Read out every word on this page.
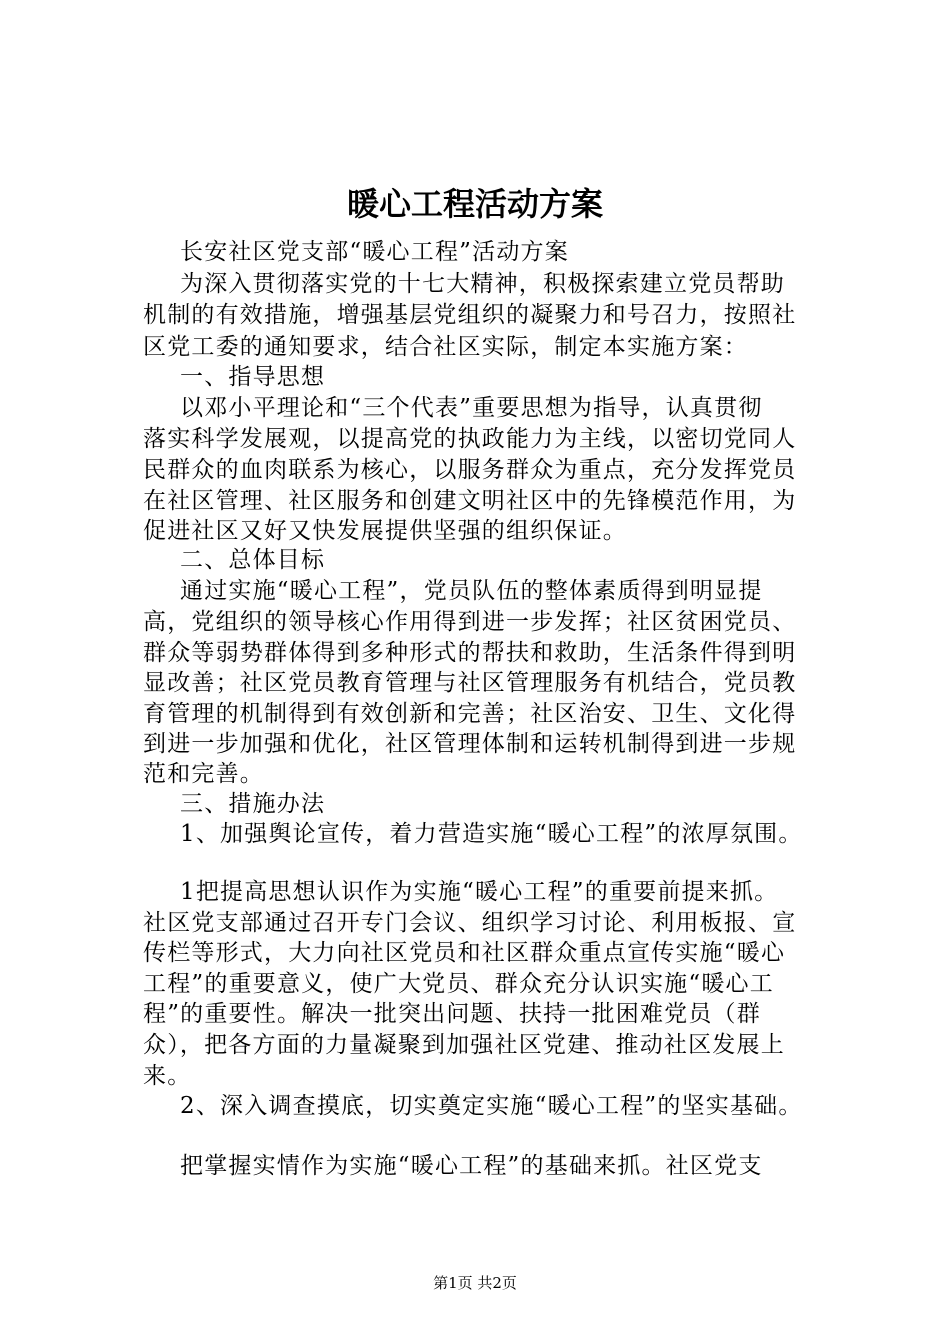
暖心工程活动方案

长安社区党支部“暖心工程”活动方案

为深入贯彻落实党的十七大精神，积极探索建立党员帮助

机制的有效措施，增强基层党组织的凝聚力和号召力，按照社

区党工委的通知要求，结合社区实际，制定本实施方案：

一、指导思想

以邓小平理论和“三个代表”重要思想为指导，认真贯彻

落实科学发展观，以提高党的执政能力为主线，以密切党同人

民群众的血肉联系为核心，以服务群众为重点，充分发挥党员

在社区管理、社区服务和创建文明社区中的先锋模范作用，为

促进社区又好又快发展提供坚强的组织保证。

二、总体目标

通过实施“暖心工程”，党员队伍的整体素质得到明显提

高，党组织的领导核心作用得到进一步发挥；社区贫困党员、

群众等弱势群体得到多种形式的帮扶和救助，生活条件得到明

显改善；社区党员教育管理与社区管理服务有机结合，党员教

育管理的机制得到有效创新和完善；社区治安、卫生、文化得

到进一步加强和优化，社区管理体制和运转机制得到进一步规

范和完善。

三、措施办法

1、加强舆论宣传，着力营造实施“暖心工程”的浓厚氛围。

1把提高思想认识作为实施“暖心工程”的重要前提来抓。

社区党支部通过召开专门会议、组织学习讨论、利用板报、宣

传栏等形式，大力向社区党员和社区群众重点宣传实施“暖心

工程”的重要意义，使广大党员、群众充分认识实施“暖心工

程”的重要性。解决一批突出问题、扶持一批困难党员（群

众），把各方面的力量凝聚到加强社区党建、推动社区发展上

来。

2、深入调查摸底，切实奠定实施“暖心工程”的坚实基础。

把掌握实情作为实施“暖心工程”的基础来抓。社区党支

第1页 共2页
